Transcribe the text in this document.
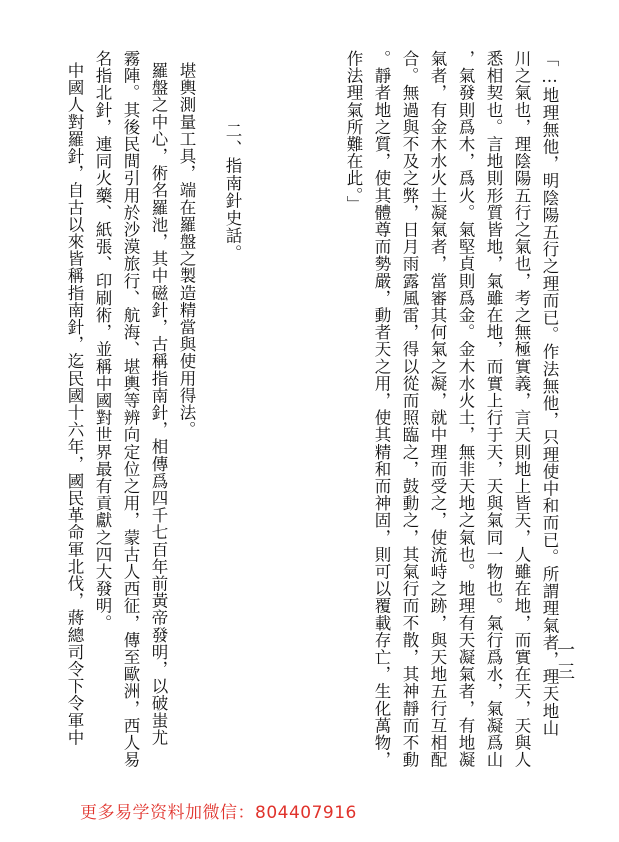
一三
「…地理無他，明陰陽五行之理而已。作法無他，只理使中和而已。所謂理氣者，理天地山
川之氣也，理陰陽五行之氣也，考之無極實義，言天則地上皆天，人雖在地，而實在天，天與人
悉相契也。言地則形質皆地，氣雖在地，而實上行于天，天與氣同一物也。氣行爲水，氣凝爲山
，氣發則爲木，爲火。氣堅貞則爲金。金木水火土，無非天地之氣也。地理有天凝氣者，有地凝
氣者，有金木水火土凝氣者，當審其何氣之凝，就中理而受之，使流峙之跡，與天地五行互相配
合。無過與不及之弊，日月雨露風雷，得以從而照臨之，鼓動之，其氣行而不散，其神靜而不動
。靜者地之質，使其體尊而勢嚴，動者天之用，使其精和而神固，則可以覆載存亡，生化萬物，
作法理氣所難在此。」
二、指南針史話。
堪輿測量工具，端在羅盤之製造精當與使用得法。
羅盤之中心，術名羅池，其中磁針，古稱指南針，相傳爲四千七百年前黃帝發明，以破蚩尤
霧陣。其後民間引用於沙漠旅行、航海、堪輿等辨向定位之用，蒙古人西征，傳至歐洲，西人易
名指北針，連同火藥、紙張、印刷術，並稱中國對世界最有貢獻之四大發明。
中國人對羅針，自古以來皆稱指南針，迄民國十六年，國民革命軍北伐，蔣總司令下令軍中
更多易学资料加微信：804407916
